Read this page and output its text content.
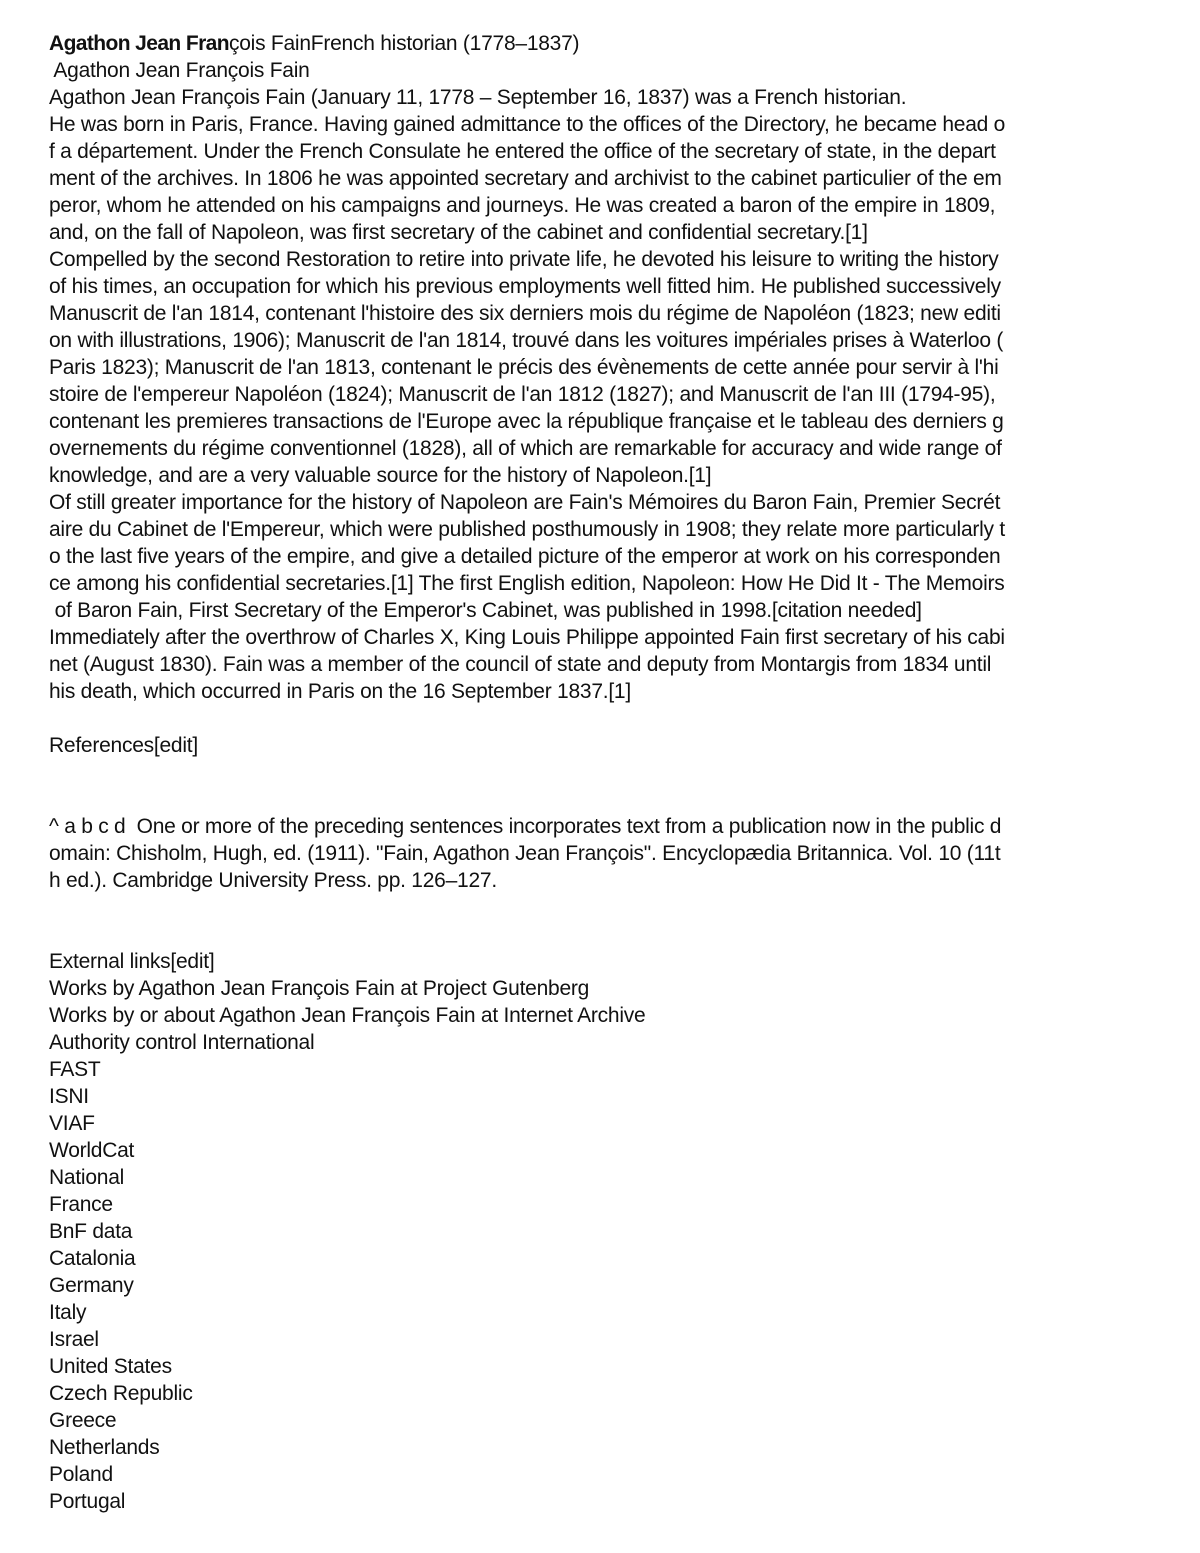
Agathon Jean François FainFrench historian (1778–1837)
Agathon Jean François Fain
Agathon Jean François Fain (January 11, 1778 – September 16, 1837) was a French historian.
He was born in Paris, France. Having gained admittance to the offices of the Directory, he became head o
f a département. Under the French Consulate he entered the office of the secretary of state, in the depart
ment of the archives. In 1806 he was appointed secretary and archivist to the cabinet particulier of the em
peror, whom he attended on his campaigns and journeys. He was created a baron of the empire in 1809,
and, on the fall of Napoleon, was first secretary of the cabinet and confidential secretary.[1]
Compelled by the second Restoration to retire into private life, he devoted his leisure to writing the history
of his times, an occupation for which his previous employments well fitted him. He published successively
Manuscrit de l'an 1814, contenant l'histoire des six derniers mois du régime de Napoléon (1823; new editi
on with illustrations, 1906); Manuscrit de l'an 1814, trouvé dans les voitures impériales prises à Waterloo (
Paris 1823); Manuscrit de l'an 1813, contenant le précis des évènements de cette année pour servir à l'hi
stoire de l'empereur Napoléon (1824); Manuscrit de l'an 1812 (1827); and Manuscrit de l'an III (1794-95),
contenant les premieres transactions de l'Europe avec la république française et le tableau des derniers g
overnements du régime conventionnel (1828), all of which are remarkable for accuracy and wide range of
knowledge, and are a very valuable source for the history of Napoleon.[1]
Of still greater importance for the history of Napoleon are Fain's Mémoires du Baron Fain, Premier Secrét
aire du Cabinet de l'Empereur, which were published posthumously in 1908; they relate more particularly t
o the last five years of the empire, and give a detailed picture of the emperor at work on his corresponden
ce among his confidential secretaries.[1] The first English edition, Napoleon: How He Did It - The Memoirs
of Baron Fain, First Secretary of the Emperor's Cabinet, was published in 1998.[citation needed]
Immediately after the overthrow of Charles X, King Louis Philippe appointed Fain first secretary of his cabi
net (August 1830). Fain was a member of the council of state and deputy from Montargis from 1834 until
his death, which occurred in Paris on the 16 September 1837.[1]
References[edit]
^ a b c d  One or more of the preceding sentences incorporates text from a publication now in the public d
omain: Chisholm, Hugh, ed. (1911). "Fain, Agathon Jean François". Encyclopædia Britannica. Vol. 10 (11t
h ed.). Cambridge University Press. pp. 126–127.
External links[edit]
Works by Agathon Jean François Fain at Project Gutenberg
Works by or about Agathon Jean François Fain at Internet Archive
Authority control International
FAST
ISNI
VIAF
WorldCat
National
France
BnF data
Catalonia
Germany
Italy
Israel
United States
Czech Republic
Greece
Netherlands
Poland
Portugal
